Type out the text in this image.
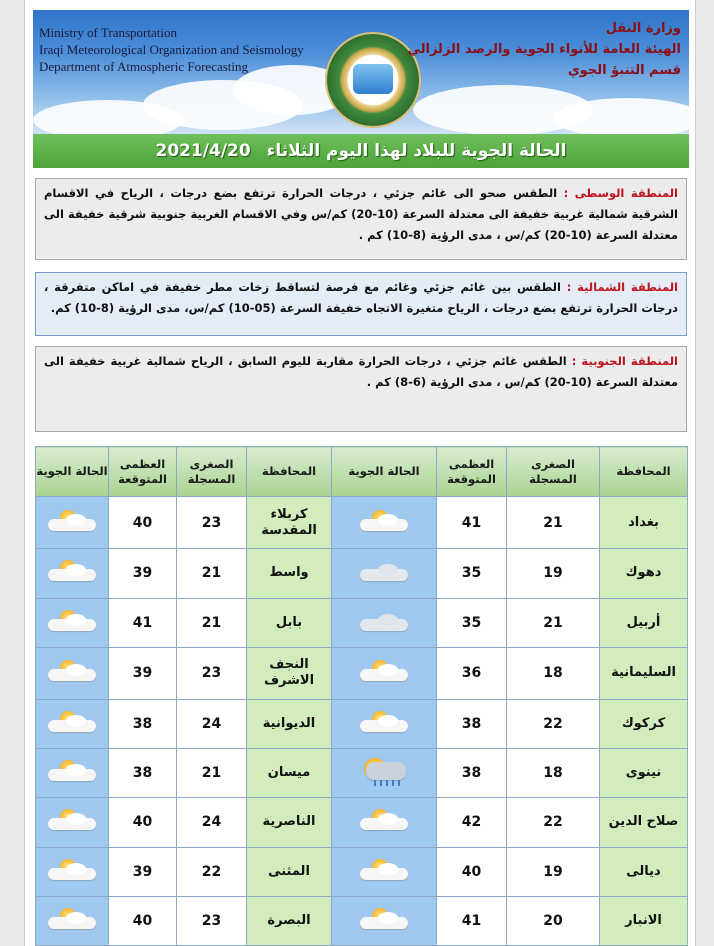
Ministry of Transportation
Iraqi Meteorological Organization and Seismology
Department of Atmospheric Forecasting
وزارة النقل
الهيئة العامة للأنواء الجوية والرصد الزلزالي
قسم التنبؤ الجوي
الحالة الجوية للبلاد لهذا اليوم الثلاثاء 2021/4/20
المنطقة الوسطى : الطقس صحو الى غائم جزئي ، درجات الحرارة ترتفع بضع درجات ، الرياح في الاقسام الشرقية شمالية غربية خفيفة الى معتدلة السرعة (10-20) كم/س وفي الاقسام الغربية جنوبية شرقية خفيفة الى معتدلة السرعة (10-20) كم/س ، مدى الرؤية (8-10) كم .
المنطقة الشمالية : الطقس بين غائم جزئي وغائم مع فرصة لتساقط زخات مطر خفيفة في اماكن متفرقة ، درجات الحرارة ترتفع بضع درجات ، الرياح متغيرة الاتجاه خفيفة السرعة (05-10) كم/س، مدى الرؤية (8-10) كم.
المنطقة الجنوبية : الطقس غائم جزئي ، درجات الحرارة مقاربة لليوم السابق ، الرياح شمالية غربية خفيفة الى معتدلة السرعة (10-20) كم/س ، مدى الرؤية (6-8) كم .
المحافظة	الصغرى المسجلة	العظمى المتوقعة	الحالة الجوية	المحافظة	الصغرى المسجلة	العظمى المتوقعة	الحالة الجوية
بغداد	21	41		كربلاء المقدسة	23	40	

دهوك	19	35		واسط	21	39	

أربيل	21	35		بابل	21	41	

السليمانية	18	36		النجف الاشرف	23	39	

كركوك	22	38		الديوانية	24	38	

نينوى	18	38		ميسان	21	38	

صلاح الدين	22	42		الناصرية	24	40	

ديالى	19	40		المثنى	22	39	

الانبار	20	41		البصرة	23	40	
